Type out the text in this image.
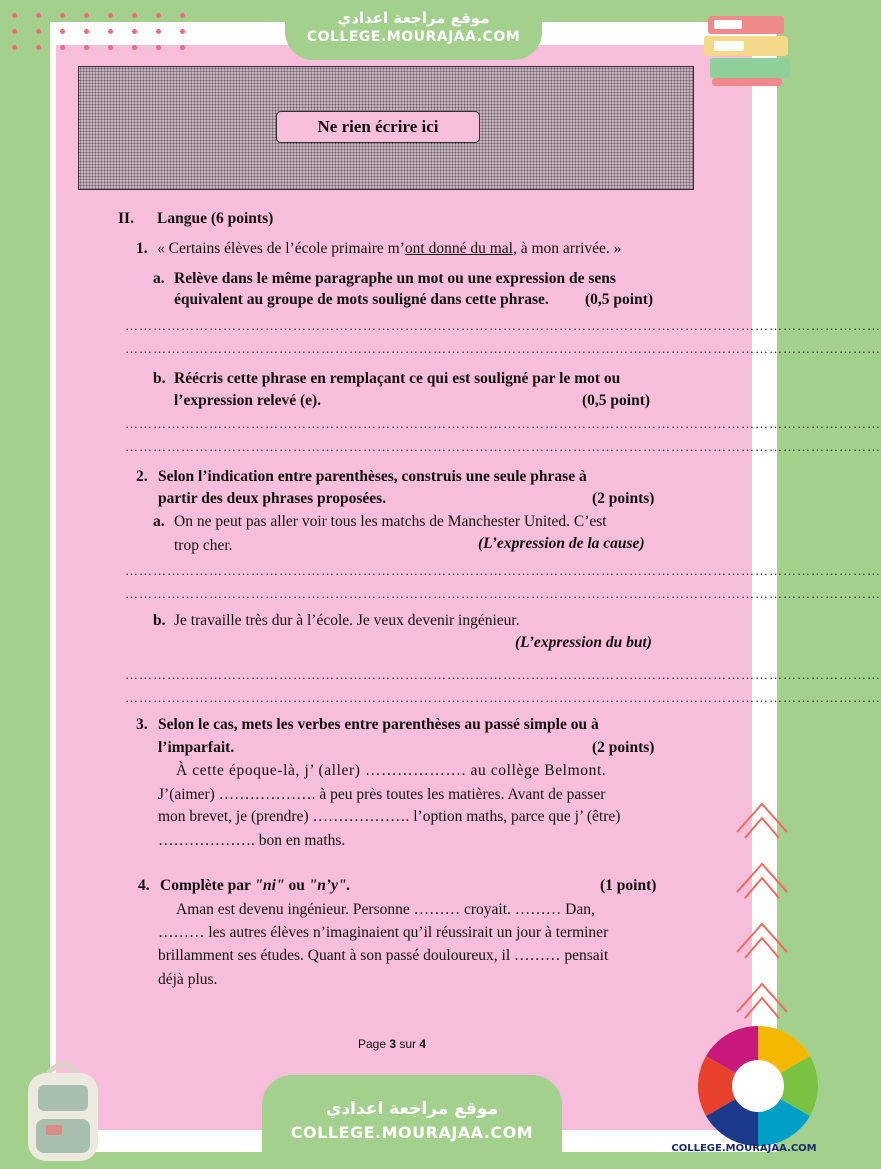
موقع مراجعة اعدادي
COLLEGE.MOURAJAA.COM
Ne rien écrire ici
II. Langue (6 points)
1. « Certains élèves de l’école primaire m’ont donné du mal, à mon arrivée. »
a. Relève dans le même paragraphe un mot ou une expression de sens
équivalent au groupe de mots souligné dans cette phrase. (0,5 point)
………………………………………………………………………………………………………………………………………………
………………………………………………………………………………………………………………………………………………
b. Réécris cette phrase en remplaçant ce qui est souligné par le mot ou
l’expression relevé (e).	(0,5 point)
………………………………………………………………………………………………………………………………………………
………………………………………………………………………………………………………………………………………………
2. Selon l’indication entre parenthèses, construis une seule phrase à
partir des deux phrases proposées.	(2 points)
a. On ne peut pas aller voir tous les matchs de Manchester United. C’est
trop cher.	(L’expression de la cause)
………………………………………………………………………………………………………………………………………………
………………………………………………………………………………………………………………………………………………
b. Je travaille très dur à l’école. Je veux devenir ingénieur.
(L’expression du but)
………………………………………………………………………………………………………………………………………………
………………………………………………………………………………………………………………………………………………
3. Selon le cas, mets les verbes entre parenthèses au passé simple ou à
l’imparfait.	(2 points)
À cette époque-là, j’ (aller) ………………. au collège Belmont.
J’(aimer) ………………. à peu près toutes les matières. Avant de passer
mon brevet, je (prendre) ………………. l’option maths, parce que j’ (être)
………………. bon en maths.
4. Complète par "ni" ou "n’y".	(1 point)
Aman est devenu ingénieur. Personne ……… croyait. ……… Dan,
……… les autres élèves n’imaginaient qu’il réussirait un jour à terminer
brillamment ses études. Quant à son passé douloureux, il ……… pensait
déjà plus.
Page 3 sur 4
موقع مراجعة اعدادي
COLLEGE.MOURAJAA.COM
COLLEGE.MOURAJAA.COM
